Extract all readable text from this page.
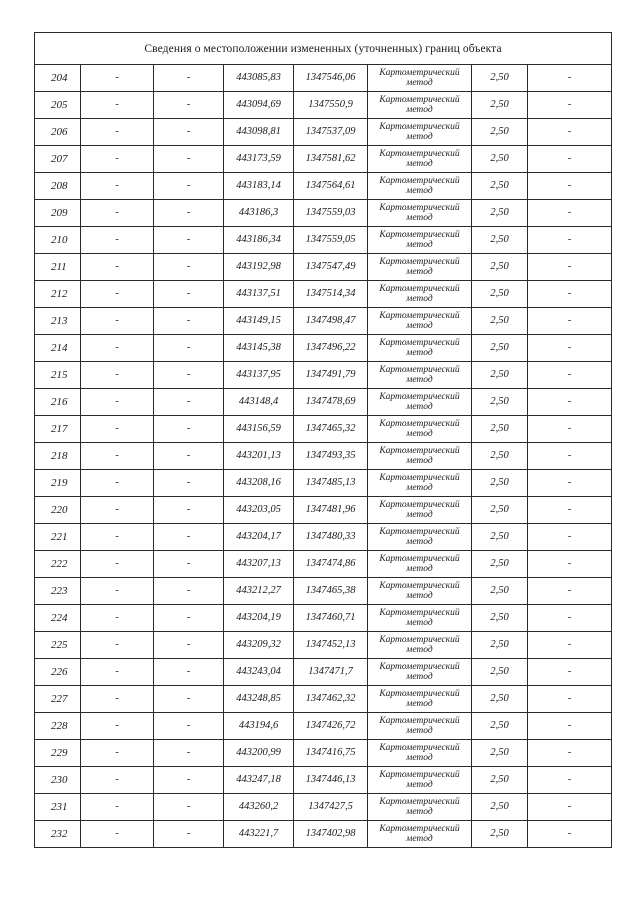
Сведения о местоположении измененных (уточненных) границ объекта							
204	-	-	443085,83	1347546,06	Картометрический метод	2,50	-
205	-	-	443094,69	1347550,9	Картометрический метод	2,50	-
206	-	-	443098,81	1347537,09	Картометрический метод	2,50	-
207	-	-	443173,59	1347581,62	Картометрический метод	2,50	-
208	-	-	443183,14	1347564,61	Картометрический метод	2,50	-
209	-	-	443186,3	1347559,03	Картометрический метод	2,50	-
210	-	-	443186,34	1347559,05	Картометрический метод	2,50	-
211	-	-	443192,98	1347547,49	Картометрический метод	2,50	-
212	-	-	443137,51	1347514,34	Картометрический метод	2,50	-
213	-	-	443149,15	1347498,47	Картометрический метод	2,50	-
214	-	-	443145,38	1347496,22	Картометрический метод	2,50	-
215	-	-	443137,95	1347491,79	Картометрический метод	2,50	-
216	-	-	443148,4	1347478,69	Картометрический метод	2,50	-
217	-	-	443156,59	1347465,32	Картометрический метод	2,50	-
218	-	-	443201,13	1347493,35	Картометрический метод	2,50	-
219	-	-	443208,16	1347485,13	Картометрический метод	2,50	-
220	-	-	443203,05	1347481,96	Картометрический метод	2,50	-
221	-	-	443204,17	1347480,33	Картометрический метод	2,50	-
222	-	-	443207,13	1347474,86	Картометрический метод	2,50	-
223	-	-	443212,27	1347465,38	Картометрический метод	2,50	-
224	-	-	443204,19	1347460,71	Картометрический метод	2,50	-
225	-	-	443209,32	1347452,13	Картометрический метод	2,50	-
226	-	-	443243,04	1347471,7	Картометрический метод	2,50	-
227	-	-	443248,85	1347462,32	Картометрический метод	2,50	-
228	-	-	443194,6	1347426,72	Картометрический метод	2,50	-
229	-	-	443200,99	1347416,75	Картометрический метод	2,50	-
230	-	-	443247,18	1347446,13	Картометрический метод	2,50	-
231	-	-	443260,2	1347427,5	Картометрический метод	2,50	-
232	-	-	443221,7	1347402,98	Картометрический метод	2,50	-
